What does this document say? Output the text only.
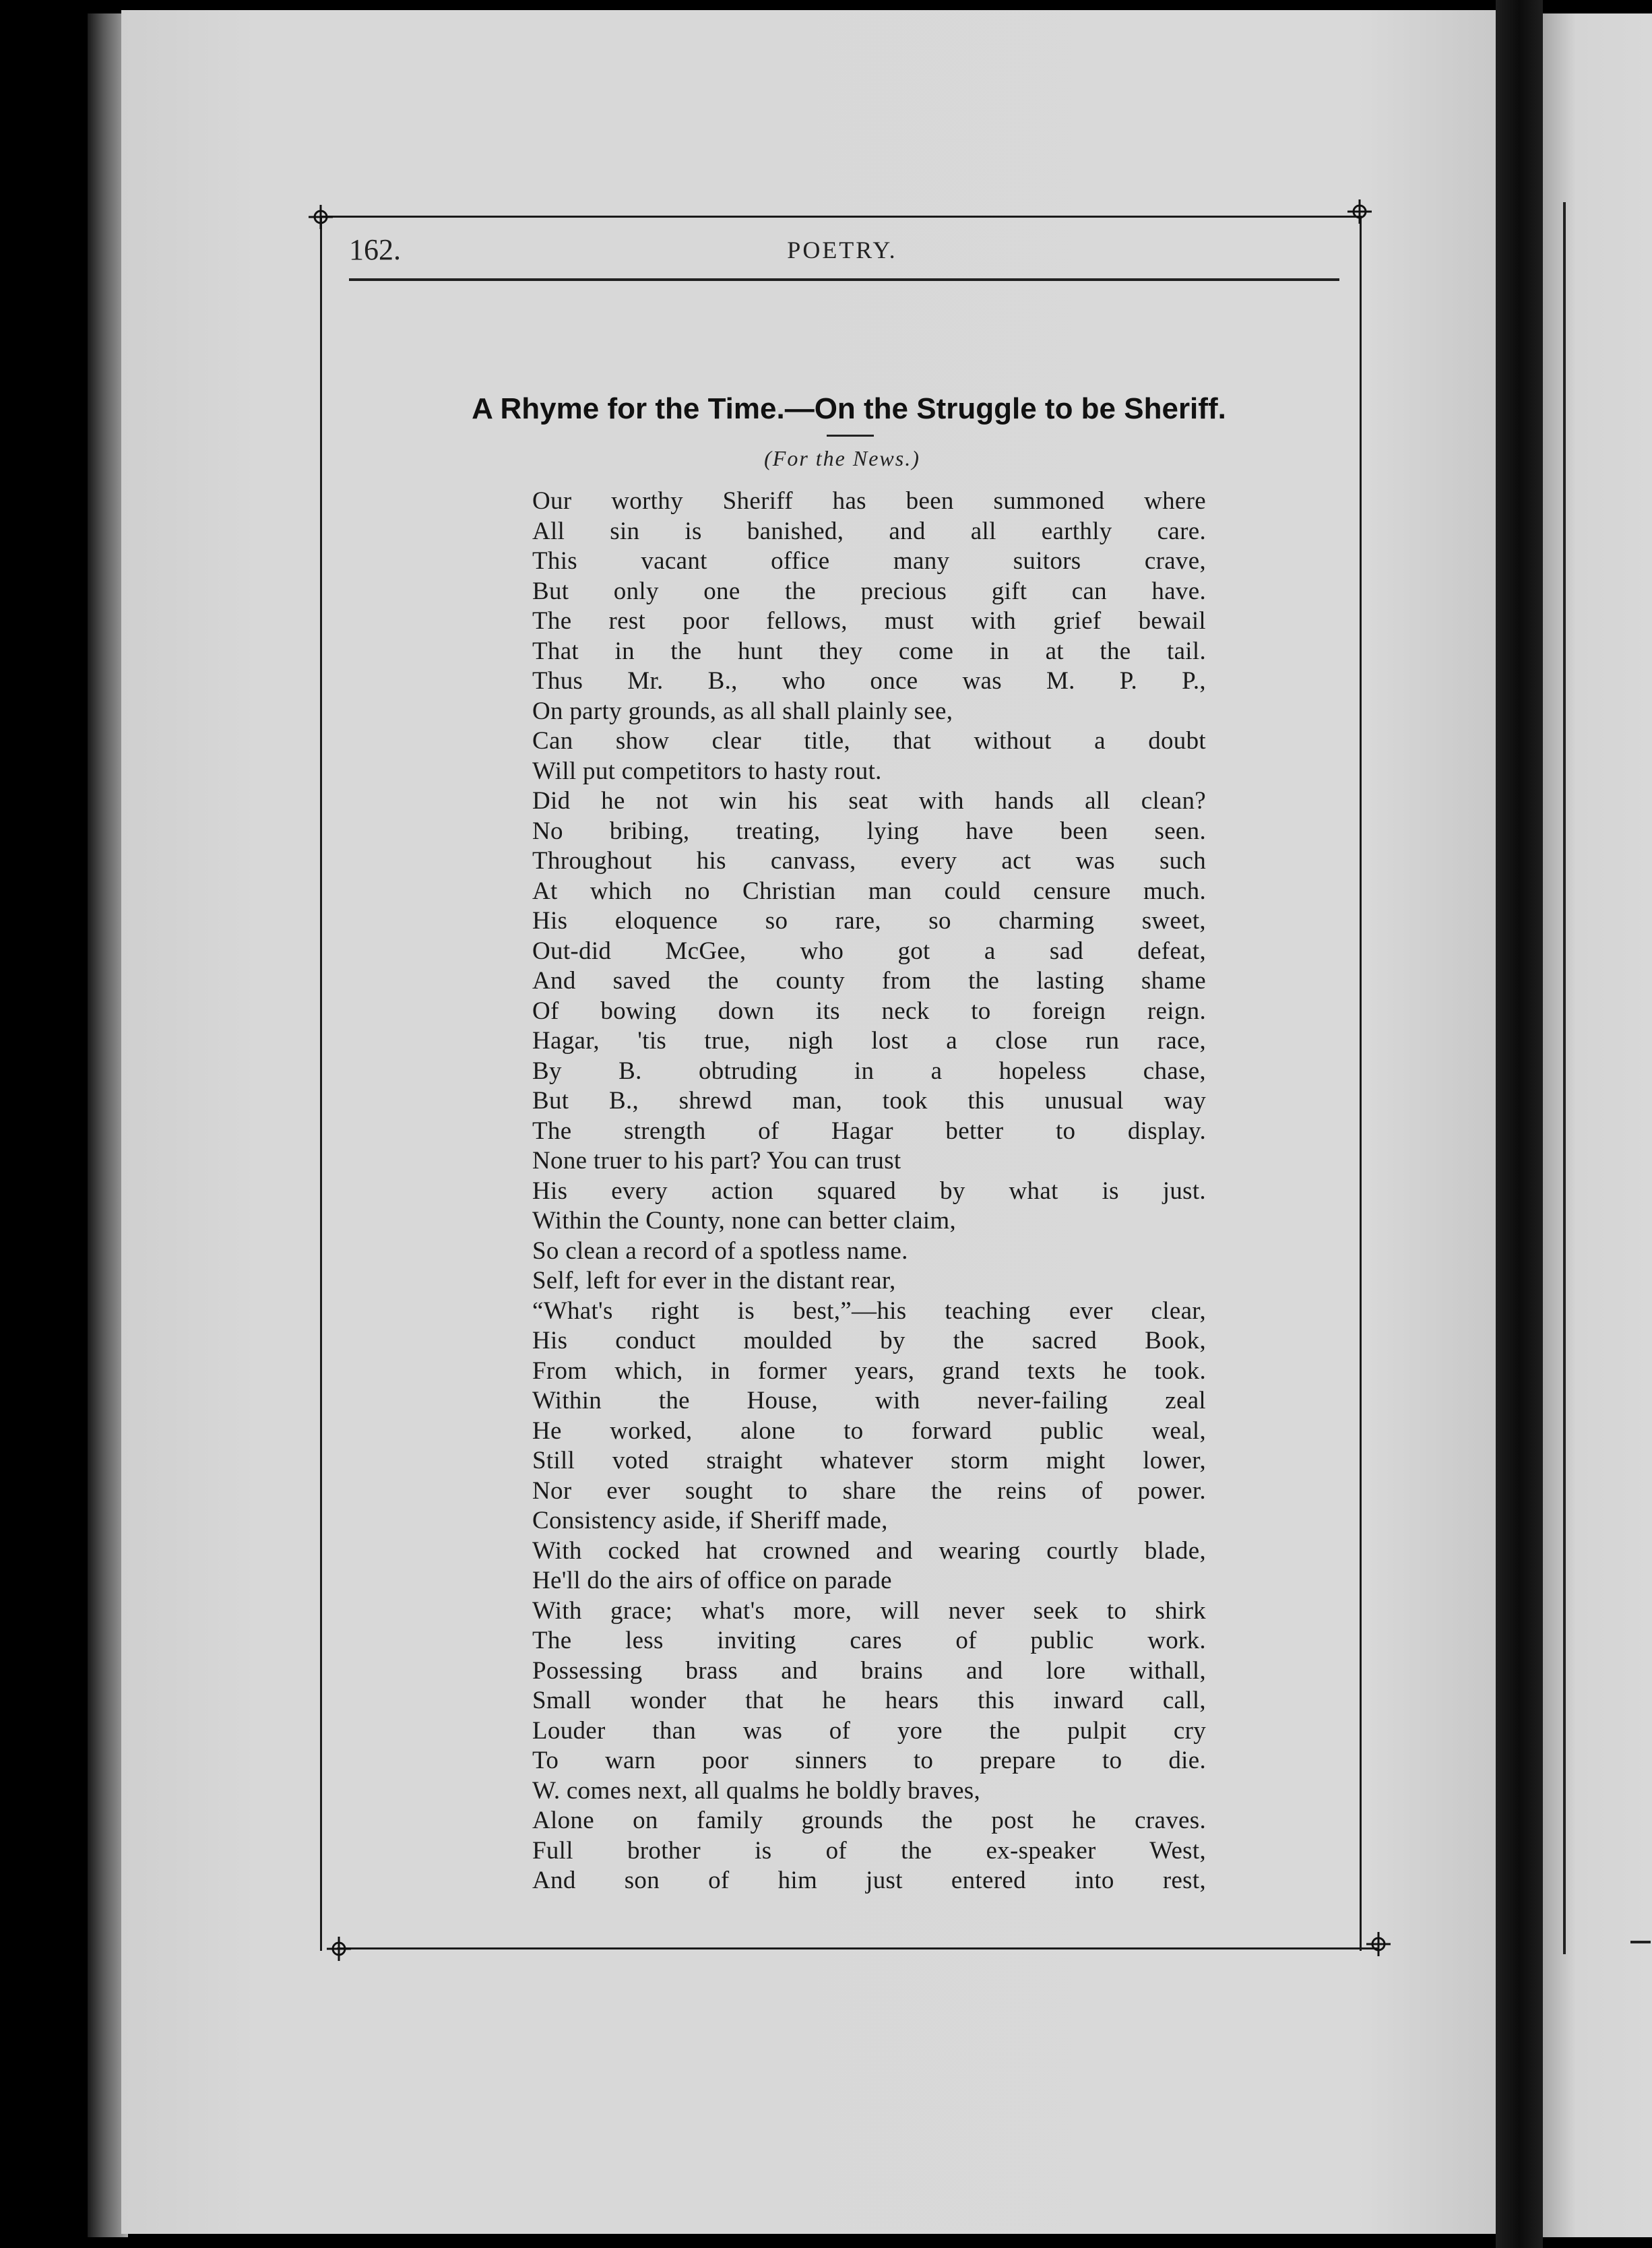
162.	POETRY.
A Rhyme for the Time.—On the Struggle to be Sheriff.
(For the News.)
Our worthy Sheriff has been summoned where
All sin is banished, and all earthly care.
This vacant office many suitors crave,
But only one the precious gift can have.
The rest poor fellows, must with grief bewail
That in the hunt they come in at the tail.
Thus Mr. B., who once was M. P. P.,
On party grounds, as all shall plainly see,
Can show clear title, that without a doubt
Will put competitors to hasty rout.
Did he not win his seat with hands all clean?
No bribing, treating, lying have been seen.
Throughout his canvass, every act was such
At which no Christian man could censure much.
His eloquence so rare, so charming sweet,
Out-did McGee, who got a sad defeat,
And saved the county from the lasting shame
Of bowing down its neck to foreign reign.
Hagar, 'tis true, nigh lost a close run race,
By B. obtruding in a hopeless chase,
But B., shrewd man, took this unusual way
The strength of Hagar better to display.
None truer to his part? You can trust
His every action squared by what is just.
Within the County, none can better claim,
So clean a record of a spotless name.
Self, left for ever in the distant rear,
“What's right is best,”—his teaching ever clear,
His conduct moulded by the sacred Book,
From which, in former years, grand texts he took.
Within the House, with never-failing zeal
He worked, alone to forward public weal,
Still voted straight whatever storm might lower,
Nor ever sought to share the reins of power.
Consistency aside, if Sheriff made,
With cocked hat crowned and wearing courtly blade,
He'll do the airs of office on parade
With grace; what's more, will never seek to shirk
The less inviting cares of public work.
Possessing brass and brains and lore withall,
Small wonder that he hears this inward call,
Louder than was of yore the pulpit cry
To warn poor sinners to prepare to die.
W. comes next, all qualms he boldly braves,
Alone on family grounds the post he craves.
Full brother is of the ex-speaker West,
And son of him just entered into rest,
